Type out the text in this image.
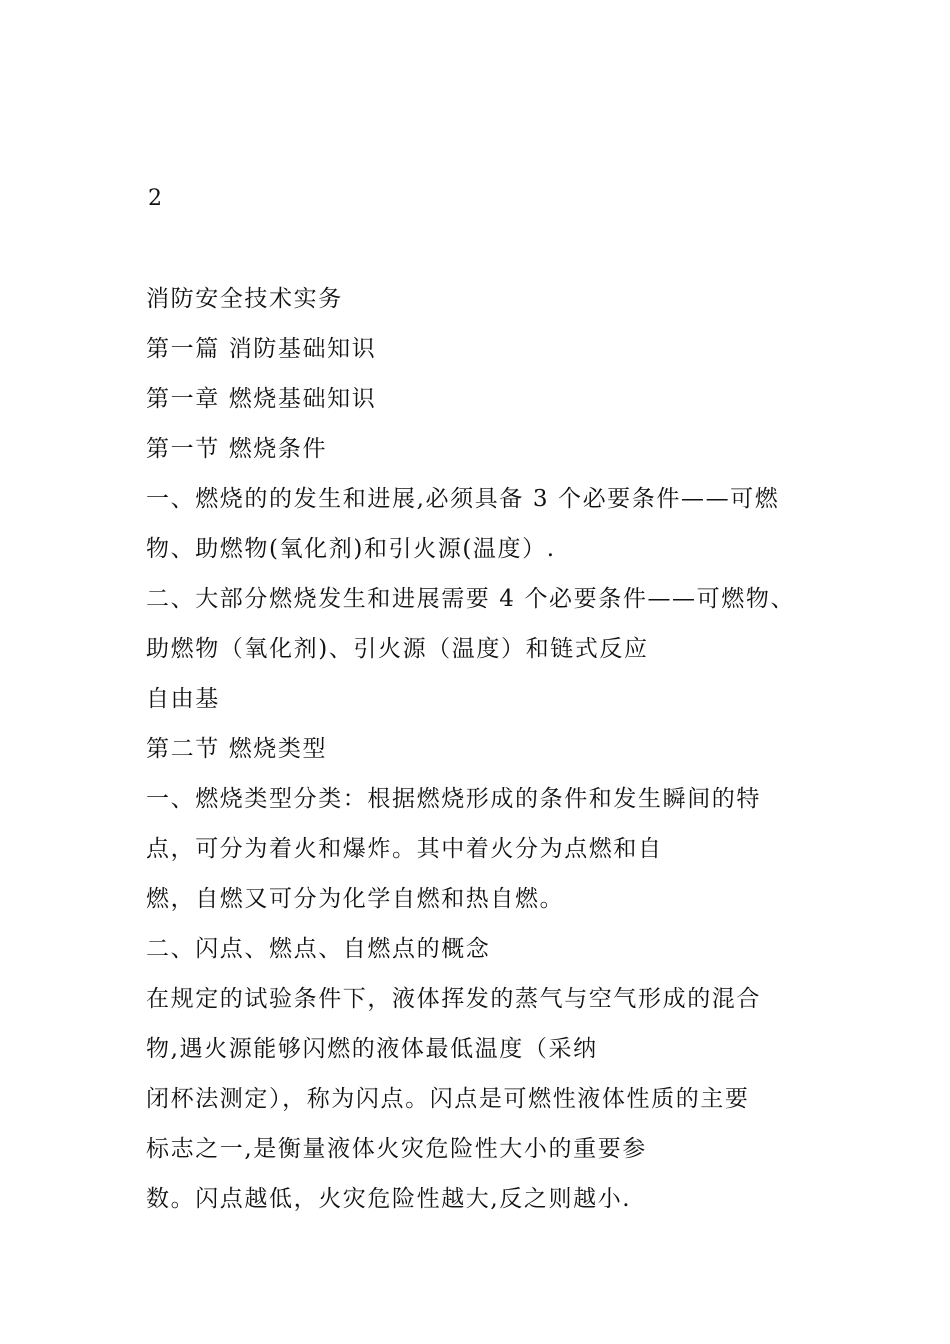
2
消防安全技术实务
第一篇 消防基础知识
第一章 燃烧基础知识
第一节 燃烧条件
一、燃烧的的发生和进展,必须具备 3 个必要条件——可燃
物、助燃物(氧化剂)和引火源(温度）.
二、大部分燃烧发生和进展需要 4 个必要条件——可燃物、
助燃物（氧化剂)、引火源（温度）和链式反应
自由基
第二节 燃烧类型
一、燃烧类型分类：根据燃烧形成的条件和发生瞬间的特
点，可分为着火和爆炸。其中着火分为点燃和自
燃，自燃又可分为化学自燃和热自燃。
二、闪点、燃点、自燃点的概念
在规定的试验条件下，液体挥发的蒸气与空气形成的混合
物,遇火源能够闪燃的液体最低温度（采纳
闭杯法测定），称为闪点。闪点是可燃性液体性质的主要
标志之一,是衡量液体火灾危险性大小的重要参
数。闪点越低，火灾危险性越大,反之则越小.
